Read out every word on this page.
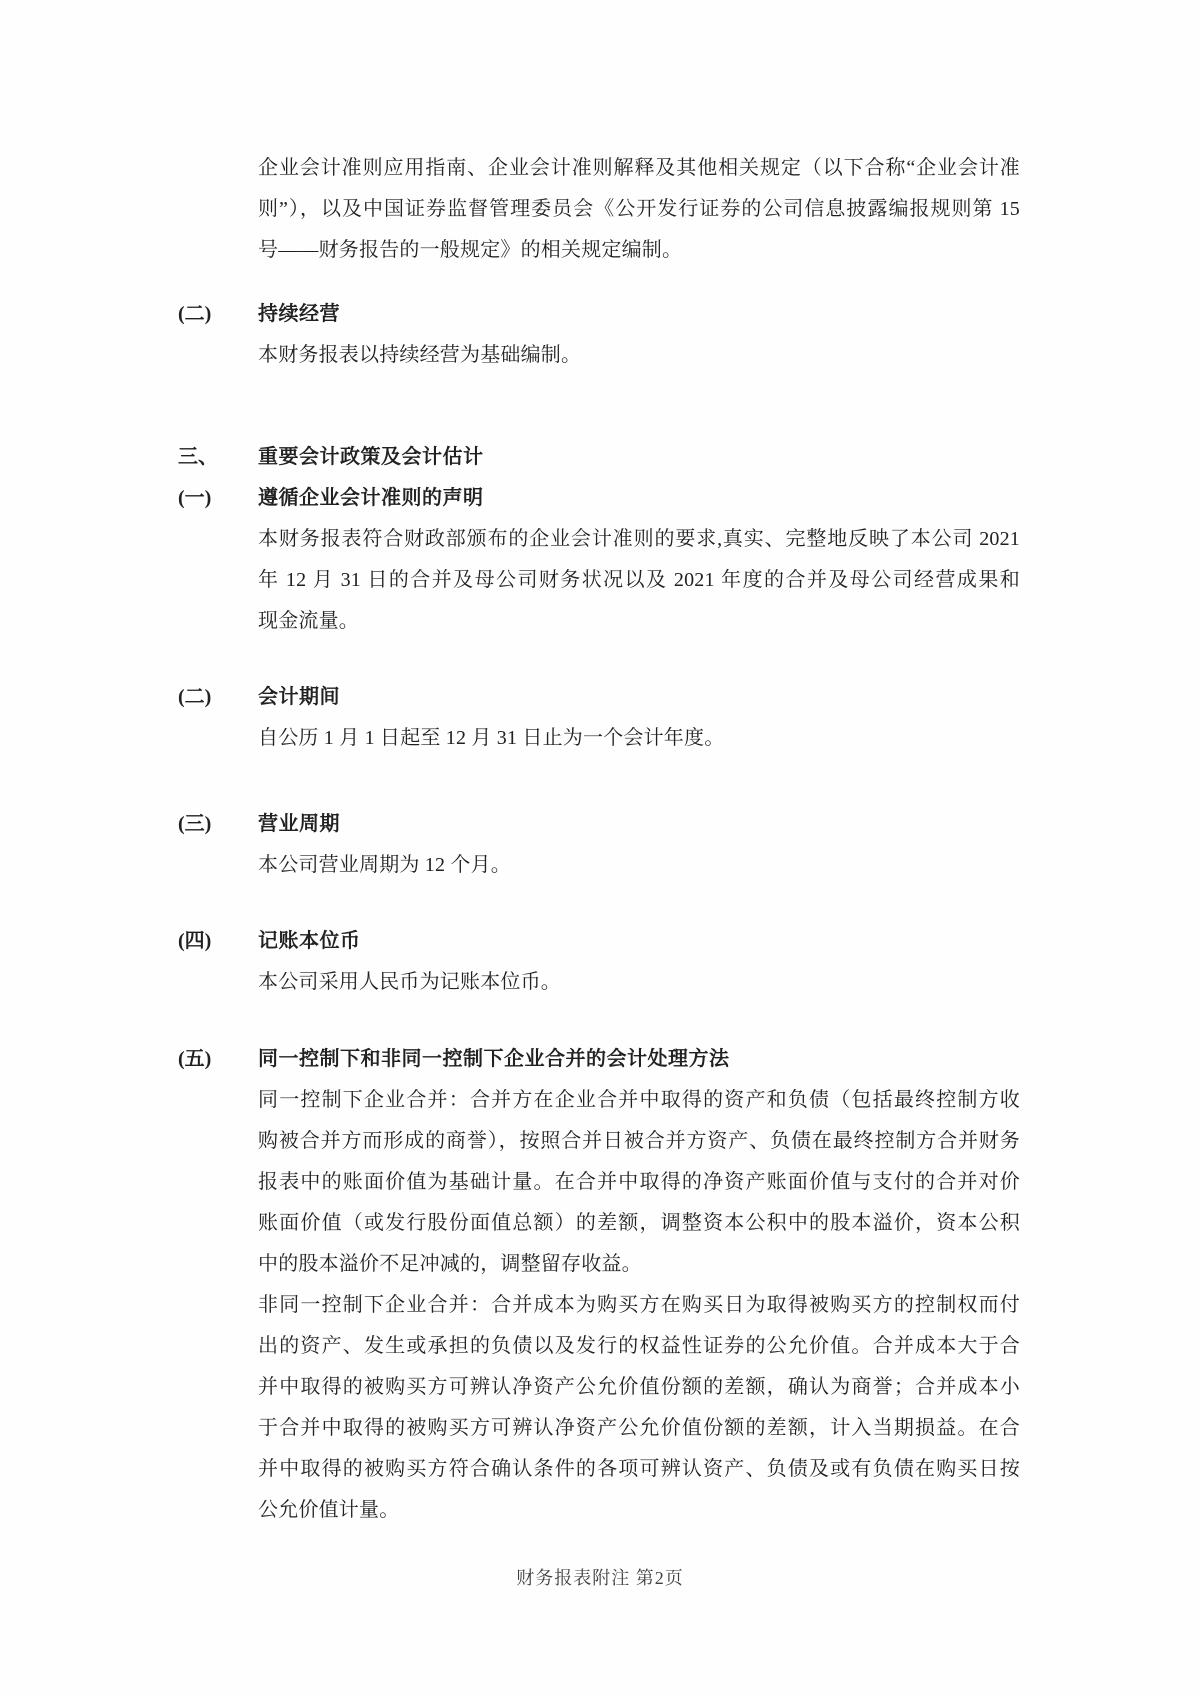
企业会计准则应用指南、企业会计准则解释及其他相关规定（以下合称“企业会计准
则”），以及中国证券监督管理委员会《公开发行证券的公司信息披露编报规则第 15
号——财务报告的一般规定》的相关规定编制。
(二)	持续经营
本财务报表以持续经营为基础编制。
三、	重要会计政策及会计估计
(一)	遵循企业会计准则的声明
本财务报表符合财政部颁布的企业会计准则的要求,真实、完整地反映了本公司 2021
年 12 月 31 日的合并及母公司财务状况以及 2021 年度的合并及母公司经营成果和
现金流量。
(二)	会计期间
自公历 1 月 1 日起至 12 月 31 日止为一个会计年度。
(三)	营业周期
本公司营业周期为 12 个月。
(四)	记账本位币
本公司采用人民币为记账本位币。
(五)	同一控制下和非同一控制下企业合并的会计处理方法
同一控制下企业合并：合并方在企业合并中取得的资产和负债（包括最终控制方收
购被合并方而形成的商誉），按照合并日被合并方资产、负债在最终控制方合并财务
报表中的账面价值为基础计量。在合并中取得的净资产账面价值与支付的合并对价
账面价值（或发行股份面值总额）的差额，调整资本公积中的股本溢价，资本公积
中的股本溢价不足冲减的，调整留存收益。
非同一控制下企业合并：合并成本为购买方在购买日为取得被购买方的控制权而付
出的资产、发生或承担的负债以及发行的权益性证券的公允价值。合并成本大于合
并中取得的被购买方可辨认净资产公允价值份额的差额，确认为商誉；合并成本小
于合并中取得的被购买方可辨认净资产公允价值份额的差额，计入当期损益。在合
并中取得的被购买方符合确认条件的各项可辨认资产、负债及或有负债在购买日按
公允价值计量。
财务报表附注 第2页
